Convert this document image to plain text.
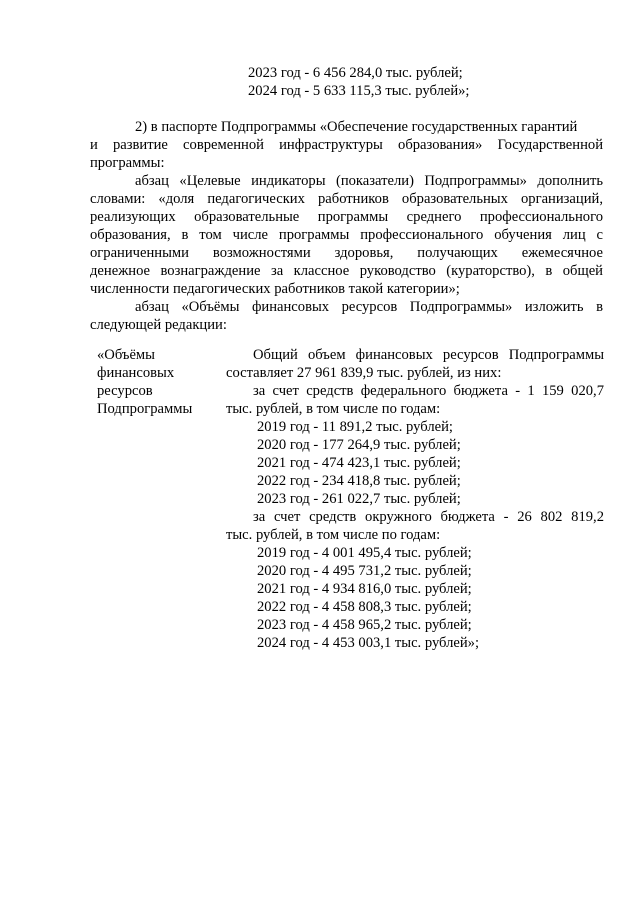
2023 год - 6 456 284,0 тыс. рублей;
2024 год - 5 633 115,3 тыс. рублей»;
2) в паспорте Подпрограммы «Обеспечение государственных гарантий
и развитие современной инфраструктуры образования» Государственной
программы:
абзац «Целевые индикаторы (показатели) Подпрограммы» дополнить
словами: «доля педагогических работников образовательных организаций,
реализующих образовательные программы среднего профессионального
образования, в том числе программы профессионального обучения лиц с
ограниченными возможностями здоровья, получающих ежемесячное
денежное вознаграждение за классное руководство (кураторство), в общей
численности педагогических работников такой категории»;
абзац «Объёмы финансовых ресурсов Подпрограммы» изложить в
следующей редакции:
«Объёмы
финансовых
ресурсов
Подпрограммы
Общий объем финансовых ресурсов Подпрограммы
составляет 27 961 839,9 тыс. рублей, из них:
за счет средств федерального бюджета - 1 159 020,7
тыс. рублей, в том числе по годам:
2019 год - 11 891,2 тыс. рублей;
2020 год - 177 264,9 тыс. рублей;
2021 год - 474 423,1 тыс. рублей;
2022 год - 234 418,8 тыс. рублей;
2023 год - 261 022,7 тыс. рублей;
за счет средств окружного бюджета - 26 802 819,2
тыс. рублей, в том числе по годам:
2019 год - 4 001 495,4 тыс. рублей;
2020 год - 4 495 731,2 тыс. рублей;
2021 год - 4 934 816,0 тыс. рублей;
2022 год - 4 458 808,3 тыс. рублей;
2023 год - 4 458 965,2 тыс. рублей;
2024 год - 4 453 003,1 тыс. рублей»;
